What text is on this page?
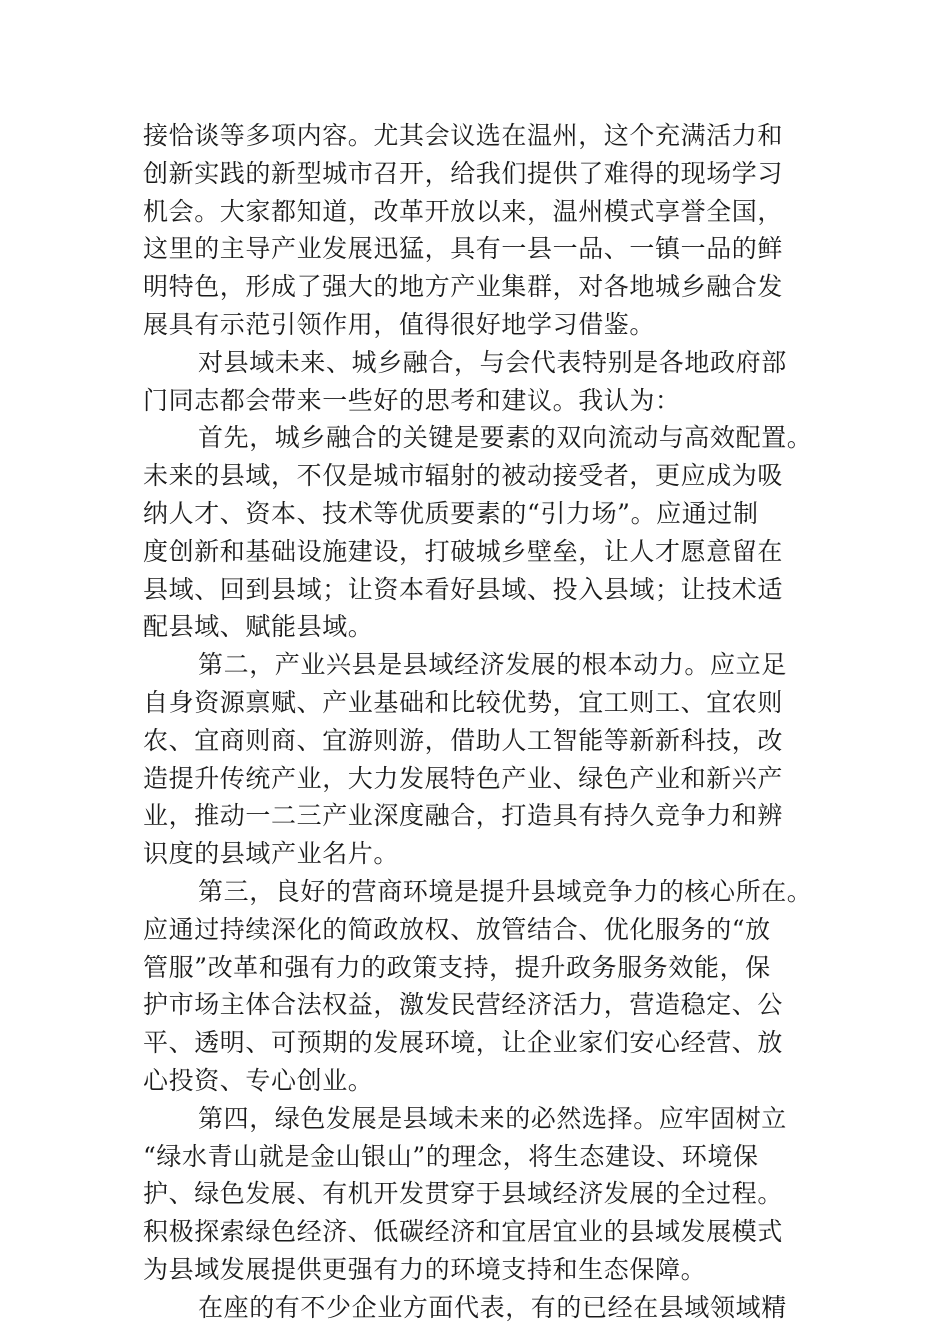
接恰谈等多项内容。尤其会议选在温州，这个充满活力和
创新实践的新型城市召开，给我们提供了难得的现场学习
机会。大家都知道，改革开放以来，温州模式享誉全国，
这里的主导产业发展迅猛，具有一县一品、一镇一品的鲜
明特色，形成了强大的地方产业集群，对各地城乡融合发
展具有示范引领作用，值得很好地学习借鉴。
对县域未来、城乡融合，与会代表特别是各地政府部
门同志都会带来一些好的思考和建议。我认为：
首先，城乡融合的关键是要素的双向流动与高效配置。
未来的县域，不仅是城市辐射的被动接受者，更应成为吸
纳人才、资本、技术等优质要素的“引力场”。应通过制
度创新和基础设施建设，打破城乡壁垒，让人才愿意留在
县域、回到县域；让资本看好县域、投入县域；让技术适
配县域、赋能县域。
第二，产业兴县是县域经济发展的根本动力。应立足
自身资源禀赋、产业基础和比较优势，宜工则工、宜农则
农、宜商则商、宜游则游，借助人工智能等新新科技，改
造提升传统产业，大力发展特色产业、绿色产业和新兴产
业，推动一二三产业深度融合，打造具有持久竞争力和辨
识度的县域产业名片。
第三，良好的营商环境是提升县域竞争力的核心所在。
应通过持续深化的简政放权、放管结合、优化服务的“放
管服”改革和强有力的政策支持，提升政务服务效能，保
护市场主体合法权益，激发民营经济活力，营造稳定、公
平、透明、可预期的发展环境，让企业家们安心经营、放
心投资、专心创业。
第四，绿色发展是县域未来的必然选择。应牢固树立
“绿水青山就是金山银山”的理念，将生态建设、环境保
护、绿色发展、有机开发贯穿于县域经济发展的全过程。
积极探索绿色经济、低碳经济和宜居宜业的县域发展模式
为县域发展提供更强有力的环境支持和生态保障。
在座的有不少企业方面代表，有的已经在县域领域精
